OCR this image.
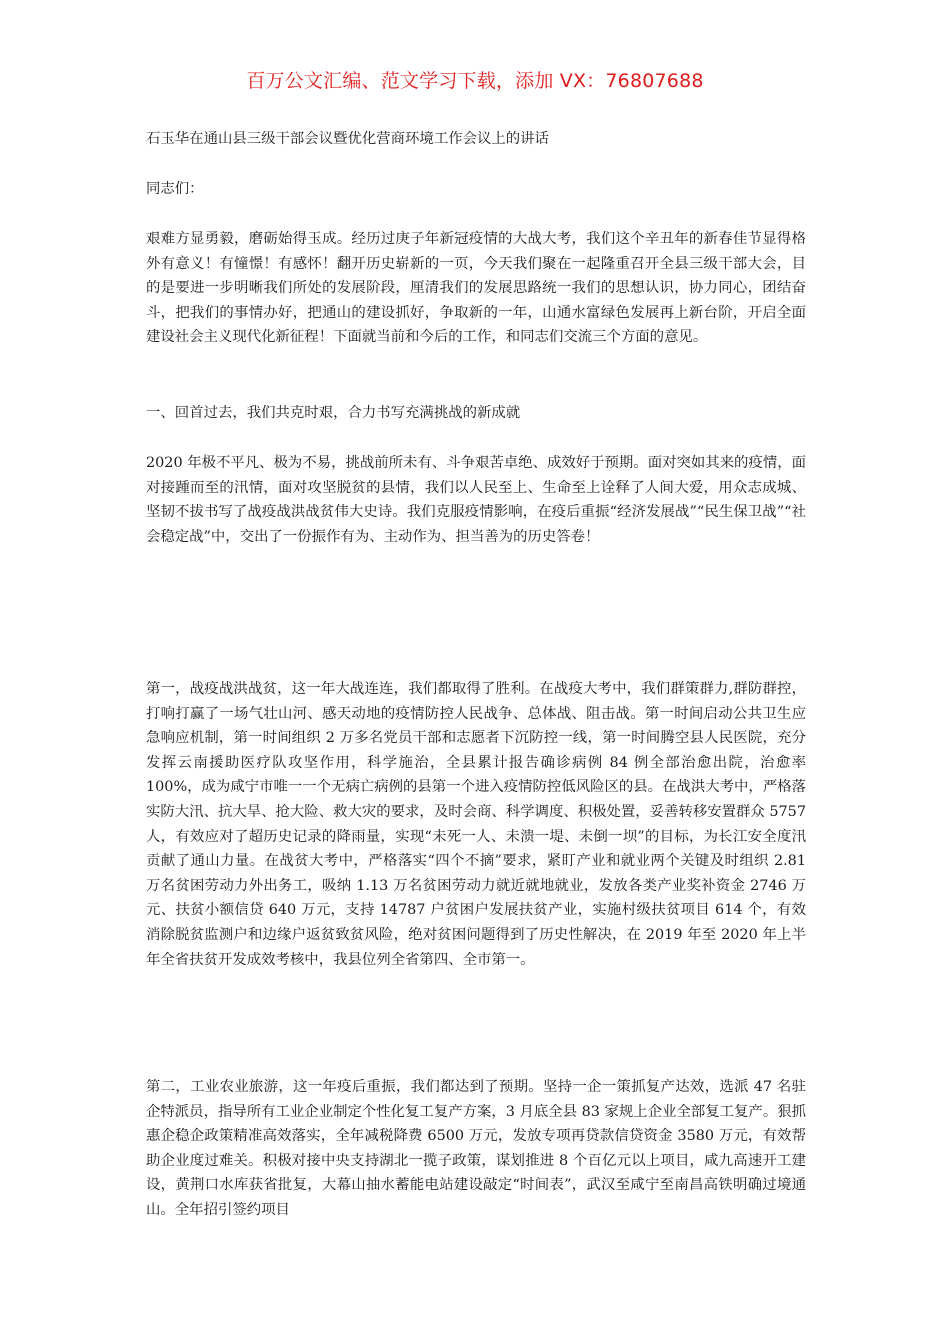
百万公文汇编、范文学习下载，添加 VX：76807688

石玉华在通山县三级干部会议暨优化营商环境工作会议上的讲话

同志们：

艰难方显勇毅，磨砺始得玉成。经历过庚子年新冠疫情的大战大考，我们这个辛丑年的新春佳节显得格外有意义！有憧憬！有感怀！翻开历史崭新的一页，今天我们聚在一起隆重召开全县三级干部大会，目的是要进一步明晰我们所处的发展阶段，厘清我们的发展思路统一我们的思想认识，协力同心，团结奋斗，把我们的事情办好，把通山的建设抓好，争取新的一年，山通水富绿色发展再上新台阶，开启全面建设社会主义现代化新征程！下面就当前和今后的工作，和同志们交流三个方面的意见。

一、回首过去，我们共克时艰，合力书写充满挑战的新成就

2020 年极不平凡、极为不易，挑战前所未有、斗争艰苦卓绝、成效好于预期。面对突如其来的疫情，面对接踵而至的汛情，面对攻坚脱贫的县情，我们以人民至上、生命至上诠释了人间大爱，用众志成城、坚韧不拔书写了战疫战洪战贫伟大史诗。我们克服疫情影响，在疫后重振“经济发展战”“民生保卫战”“社会稳定战”中，交出了一份振作有为、主动作为、担当善为的历史答卷！

第一，战疫战洪战贫，这一年大战连连，我们都取得了胜利。在战疫大考中，我们群策群力,群防群控，打响打赢了一场气壮山河、感天动地的疫情防控人民战争、总体战、阻击战。第一时间启动公共卫生应急响应机制，第一时间组织 2 万多名党员干部和志愿者下沉防控一线，第一时间腾空县人民医院，充分发挥云南援助医疗队攻坚作用，科学施治，全县累计报告确诊病例 84 例全部治愈出院，治愈率 100%，成为咸宁市唯一一个无病亡病例的县第一个进入疫情防控低风险区的县。在战洪大考中，严格落实防大汛、抗大旱、抢大险、救大灾的要求，及时会商、科学调度、积极处置，妥善转移安置群众 5757 人，有效应对了超历史记录的降雨量，实现“未死一人、未溃一堤、未倒一坝”的目标，为长江安全度汛贡献了通山力量。在战贫大考中，严格落实“四个不摘”要求，紧盯产业和就业两个关键及时组织 2.81 万名贫困劳动力外出务工，吸纳 1.13 万名贫困劳动力就近就地就业，发放各类产业奖补资金 2746 万元、扶贫小额信贷 640 万元，支持 14787 户贫困户发展扶贫产业，实施村级扶贫项目 614 个，有效消除脱贫监测户和边缘户返贫致贫风险，绝对贫困问题得到了历史性解决，在 2019 年至 2020 年上半年全省扶贫开发成效考核中，我县位列全省第四、全市第一。

第二，工业农业旅游，这一年疫后重振，我们都达到了预期。坚持一企一策抓复产达效，选派 47 名驻企特派员，指导所有工业企业制定个性化复工复产方案，3 月底全县 83 家规上企业全部复工复产。狠抓惠企稳企政策精准高效落实，全年减税降费 6500 万元，发放专项再贷款信贷资金 3580 万元，有效帮助企业度过难关。积极对接中央支持湖北一揽子政策，谋划推进 8 个百亿元以上项目，咸九高速开工建设，黄荆口水库获省批复，大幕山抽水蓄能电站建设敲定“时间表”，武汉至咸宁至南昌高铁明确过境通山。全年招引签约项目
